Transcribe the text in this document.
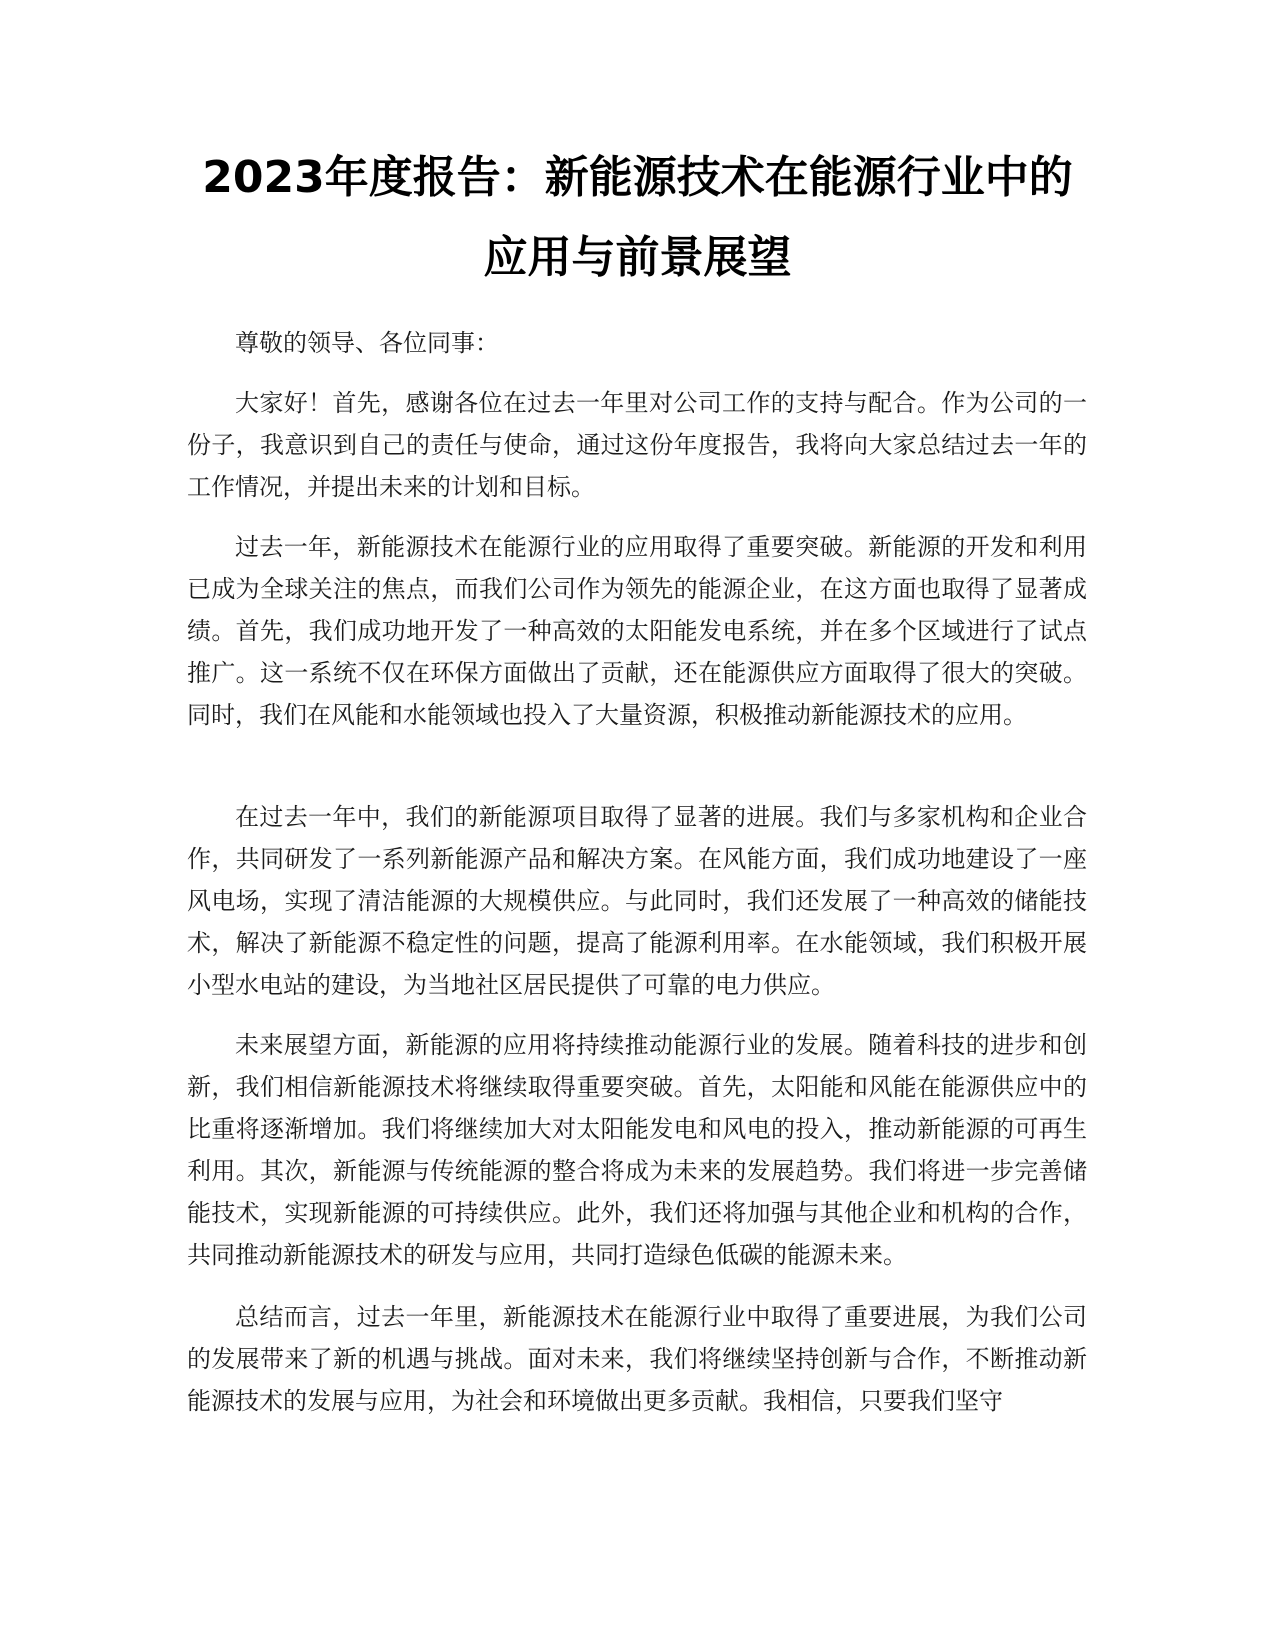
2023年度报告：新能源技术在能源行业中的
应用与前景展望

尊敬的领导、各位同事：

大家好！首先，感谢各位在过去一年里对公司工作的支持与配合。作为公司的一份子，我意识到自己的责任与使命，通过这份年度报告，我将向大家总结过去一年的工作情况，并提出未来的计划和目标。

过去一年，新能源技术在能源行业的应用取得了重要突破。新能源的开发和利用已成为全球关注的焦点，而我们公司作为领先的能源企业，在这方面也取得了显著成绩。首先，我们成功地开发了一种高效的太阳能发电系统，并在多个区域进行了试点推广。这一系统不仅在环保方面做出了贡献，还在能源供应方面取得了很大的突破。同时，我们在风能和水能领域也投入了大量资源，积极推动新能源技术的应用。

在过去一年中，我们的新能源项目取得了显著的进展。我们与多家机构和企业合作，共同研发了一系列新能源产品和解决方案。在风能方面，我们成功地建设了一座风电场，实现了清洁能源的大规模供应。与此同时，我们还发展了一种高效的储能技术，解决了新能源不稳定性的问题，提高了能源利用率。在水能领域，我们积极开展小型水电站的建设，为当地社区居民提供了可靠的电力供应。

未来展望方面，新能源的应用将持续推动能源行业的发展。随着科技的进步和创新，我们相信新能源技术将继续取得重要突破。首先，太阳能和风能在能源供应中的比重将逐渐增加。我们将继续加大对太阳能发电和风电的投入，推动新能源的可再生利用。其次，新能源与传统能源的整合将成为未来的发展趋势。我们将进一步完善储能技术，实现新能源的可持续供应。此外，我们还将加强与其他企业和机构的合作，共同推动新能源技术的研发与应用，共同打造绿色低碳的能源未来。

总结而言，过去一年里，新能源技术在能源行业中取得了重要进展，为我们公司的发展带来了新的机遇与挑战。面对未来，我们将继续坚持创新与合作，不断推动新能源技术的发展与应用，为社会和环境做出更多贡献。我相信，只要我们坚守
